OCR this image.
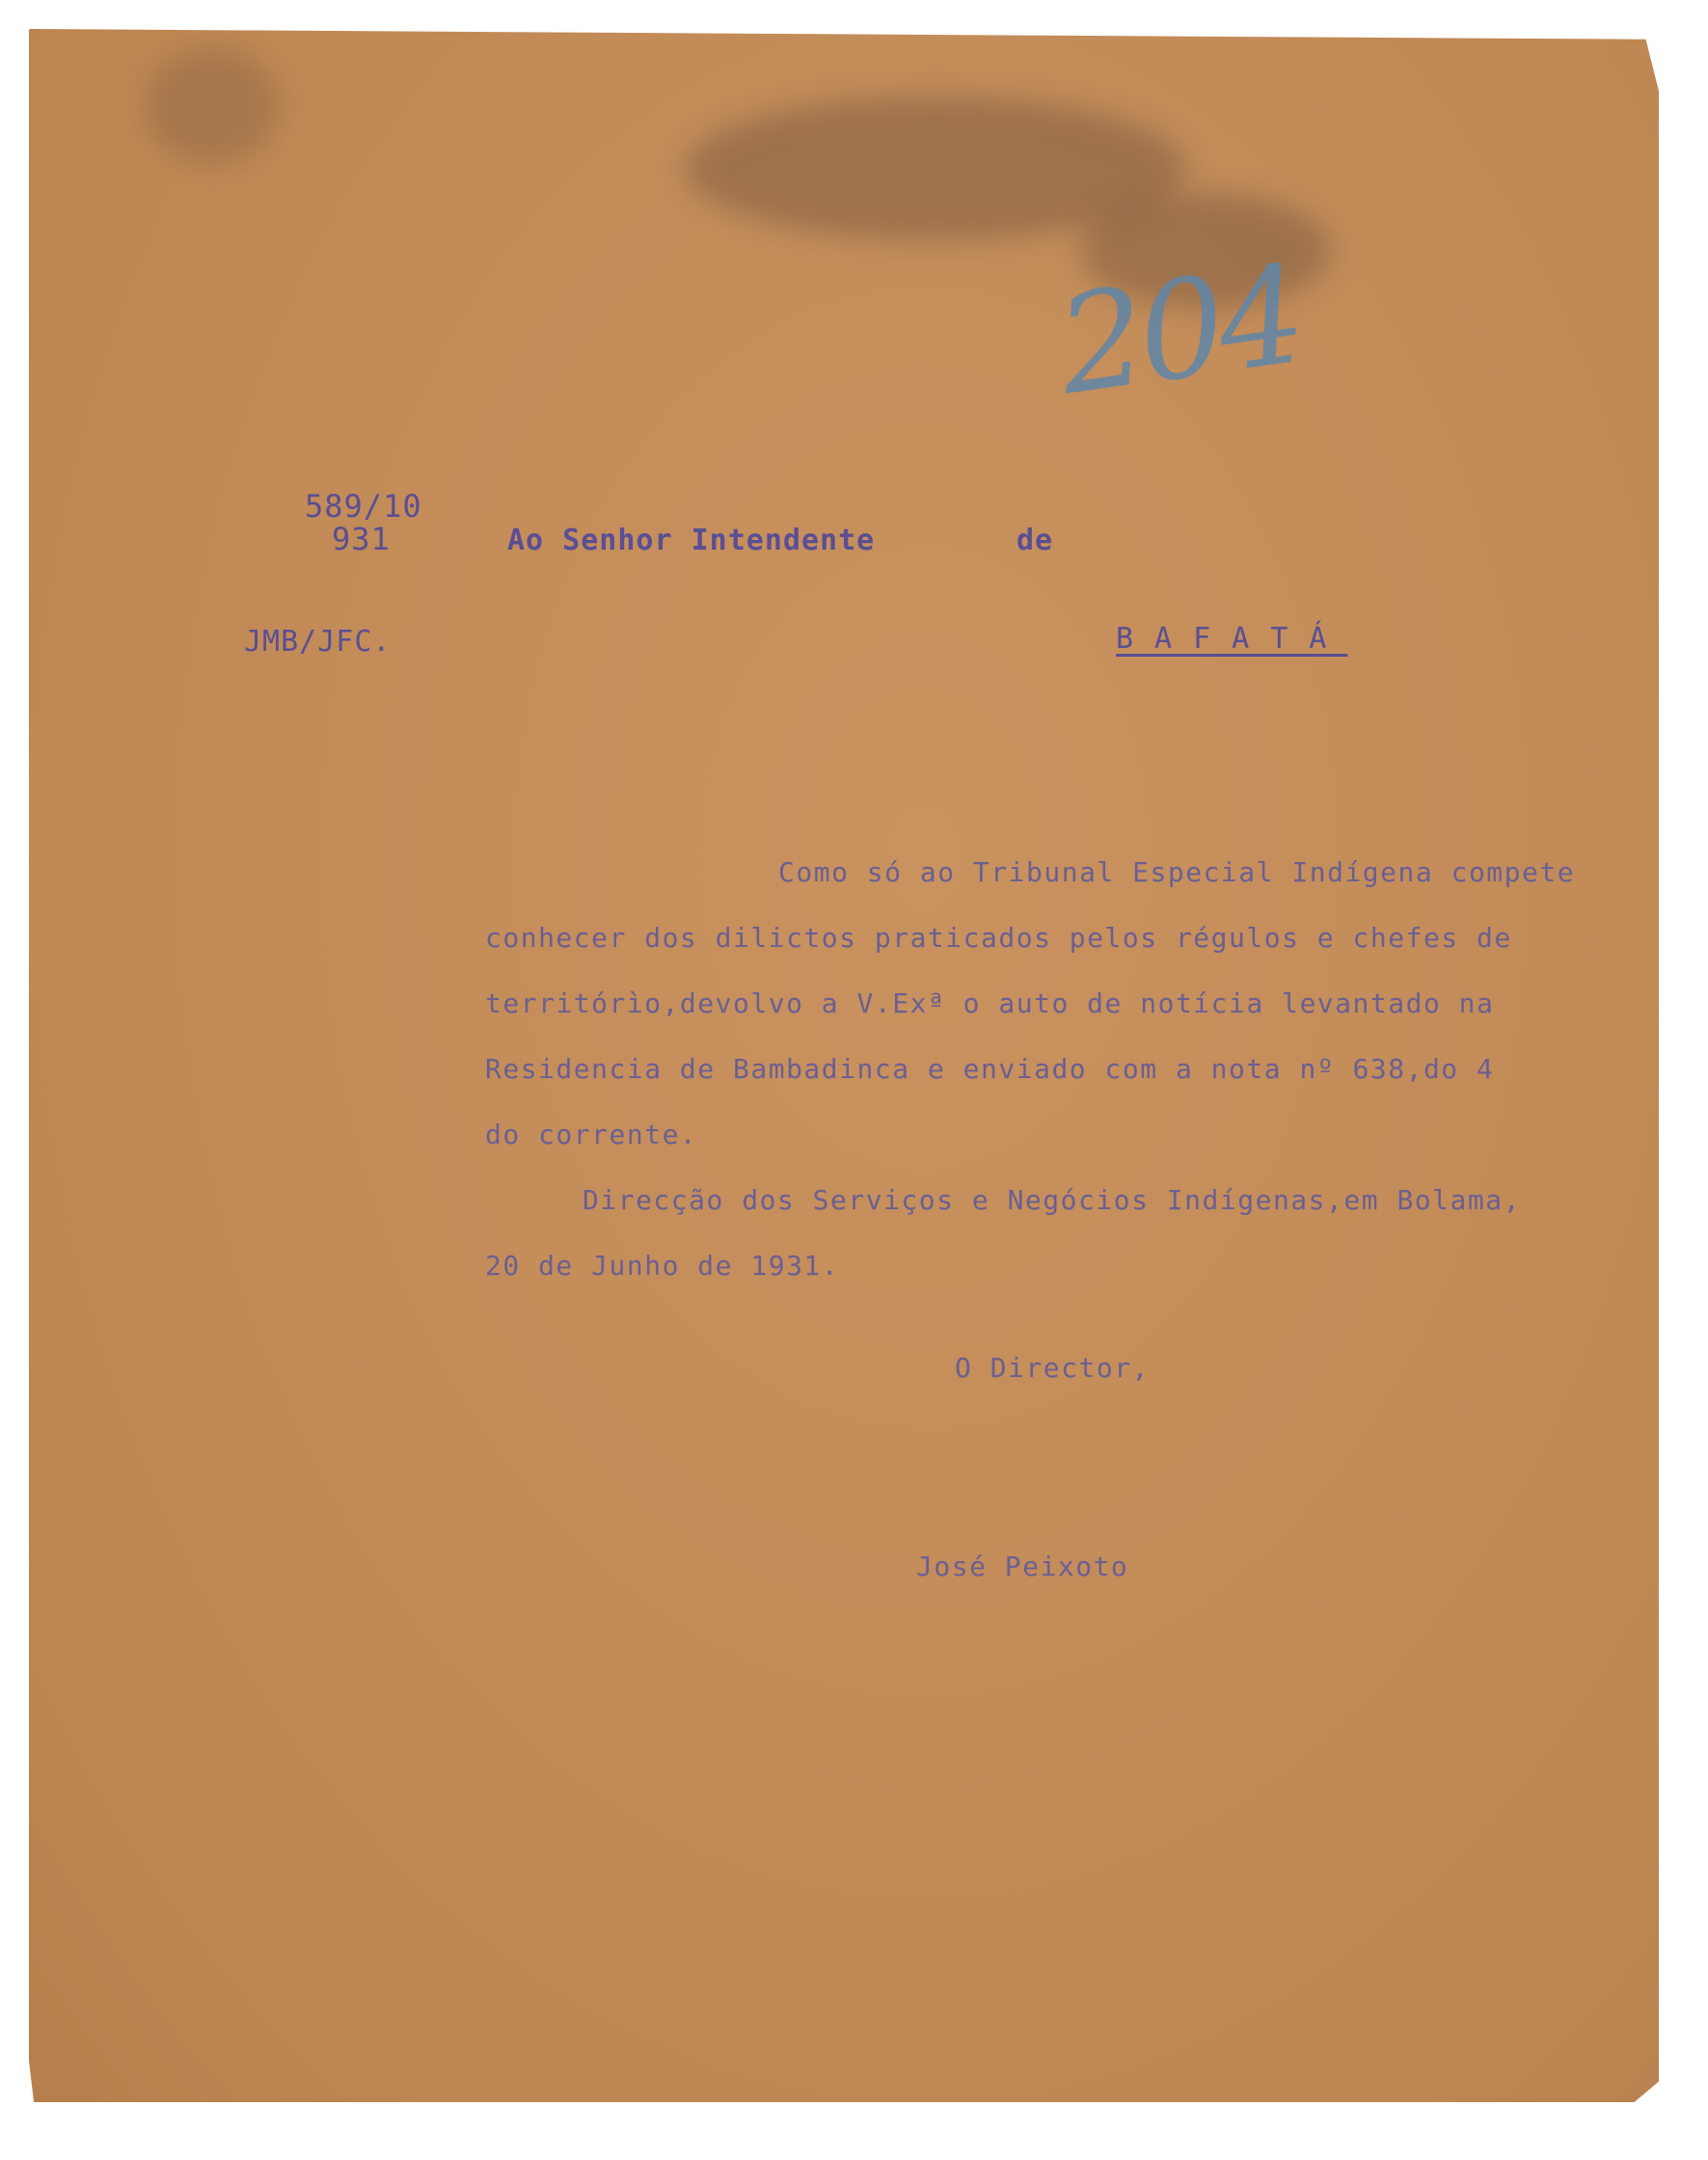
204
589/10
931	Ao Senhor Intendente	de
JMB/JFC.	BAFATÁ
Como só ao Tribunal Especial Indígena compete
conhecer dos dilictos praticados pelos régulos e chefes de
territórìo,devolvo a V.Exª o auto de notícia levantado na
Residencia de Bambadinca e enviado com a nota nº 638,do 4
do corrente.
Direcção dos Serviços e Negócios Indígenas,em Bolama,
20 de Junho de 1931.
O Director,
José Peixoto
